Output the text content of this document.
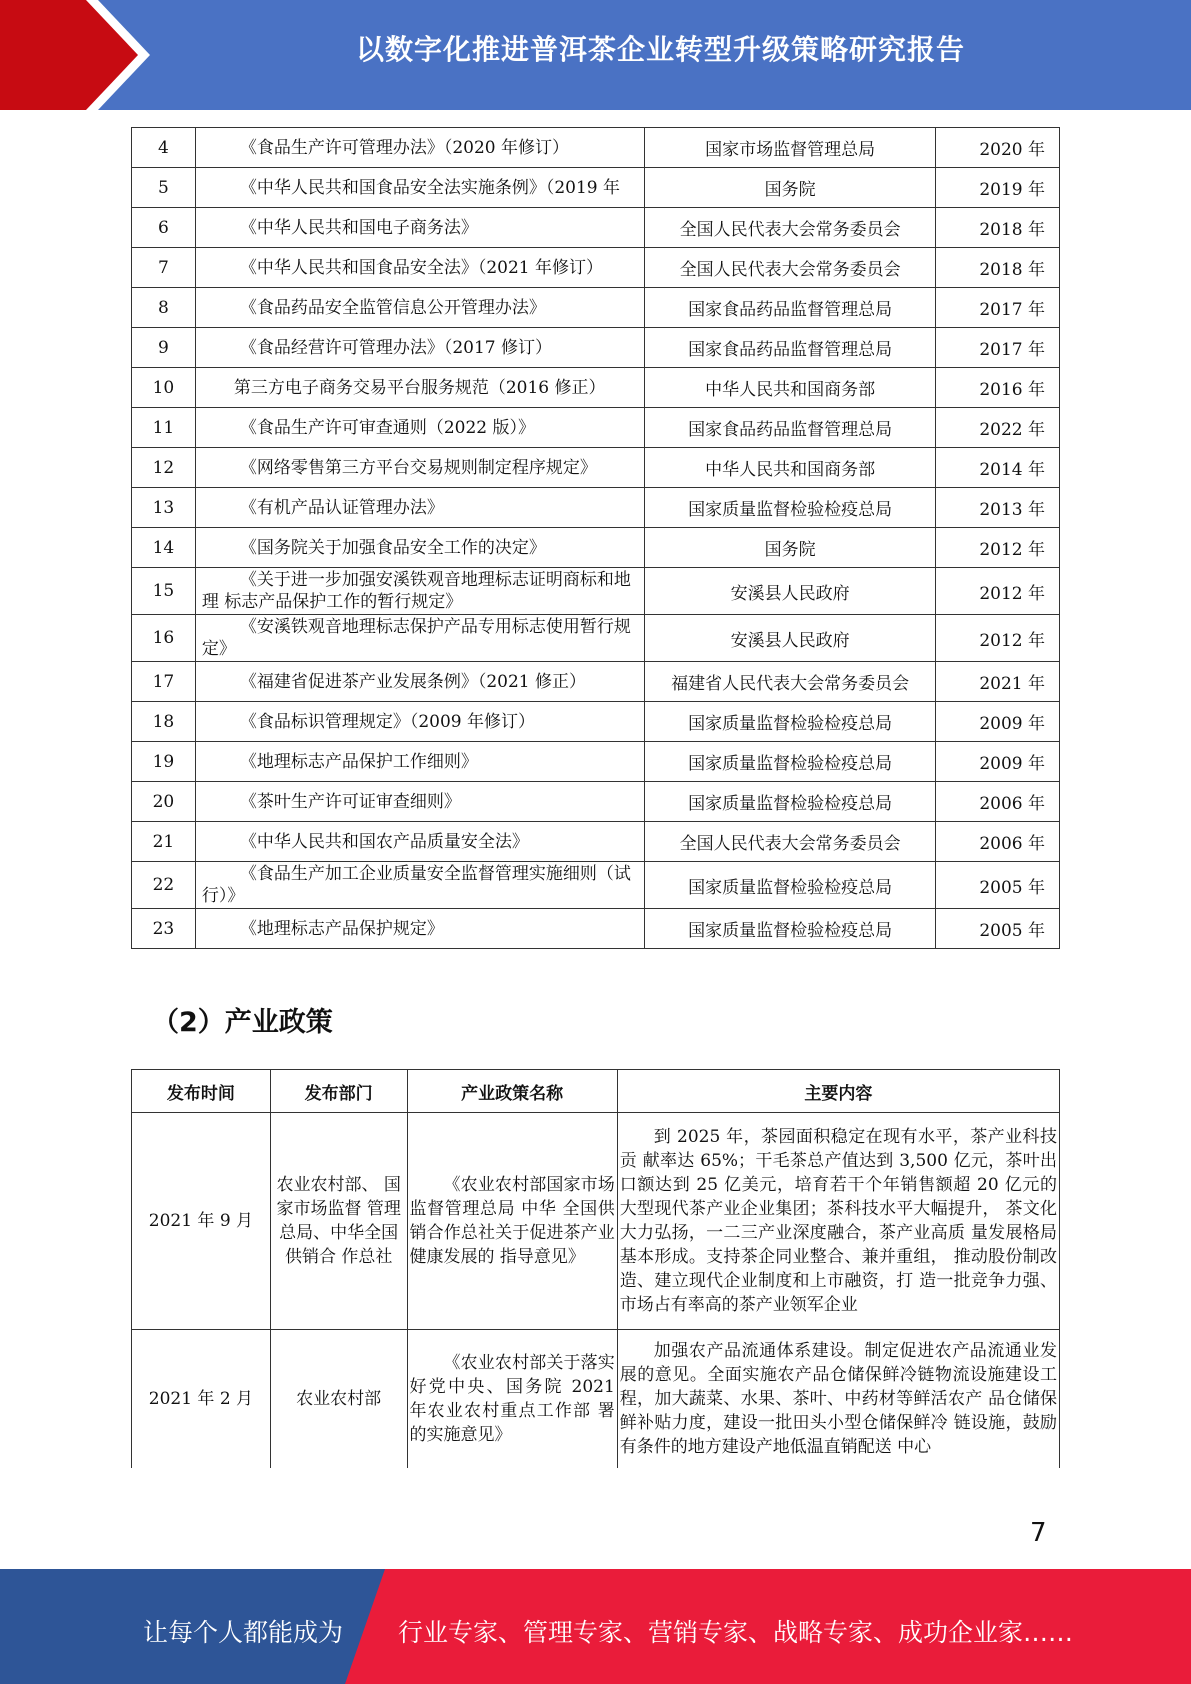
以数字化推进普洱茶企业转型升级策略研究报告
4	《食品生产许可管理办法》（2020 年修订）	国家市场监督管理总局	2020 年
5	《中华人民共和国食品安全法实施条例》（2019 年	国务院	2019 年
6	《中华人民共和国电子商务法》	全国人民代表大会常务委员会	2018 年
7	《中华人民共和国食品安全法》（2021 年修订）	全国人民代表大会常务委员会	2018 年
8	《食品药品安全监管信息公开管理办法》	国家食品药品监督管理总局	2017 年
9	《食品经营许可管理办法》（2017 修订）	国家食品药品监督管理总局	2017 年
10	第三方电子商务交易平台服务规范（2016 修正）	中华人民共和国商务部	2016 年
11	《食品生产许可审查通则（2022 版）》	国家食品药品监督管理总局	2022 年
12	《网络零售第三方平台交易规则制定程序规定》	中华人民共和国商务部	2014 年
13	《有机产品认证管理办法》	国家质量监督检验检疫总局	2013 年
14	《国务院关于加强食品安全工作的决定》	国务院	2012 年
15	《关于进一步加强安溪铁观音地理标志证明商标和地
理 标志产品保护工作的暂行规定》	安溪县人民政府	2012 年
16	《安溪铁观音地理标志保护产品专用标志使用暂行规
定》	安溪县人民政府	2012 年
17	《福建省促进茶产业发展条例》（2021 修正）	福建省人民代表大会常务委员会	2021 年
18	《食品标识管理规定》（2009 年修订）	国家质量监督检验检疫总局	2009 年
19	《地理标志产品保护工作细则》	国家质量监督检验检疫总局	2009 年
20	《茶叶生产许可证审查细则》	国家质量监督检验检疫总局	2006 年
21	《中华人民共和国农产品质量安全法》	全国人民代表大会常务委员会	2006 年
22	《食品生产加工企业质量安全监督管理实施细则（试
行）》	国家质量监督检验检疫总局	2005 年
23	《地理标志产品保护规定》	国家质量监督检验检疫总局	2005 年
（2）产业政策
发布时间	发布部门	产业政策名称	主要内容
2021 年 9 月	农业农村部、 国家市场监督 管理总局、中华全国供销合 作总社	《农业农村部国家市场监督管理总局 中华 全国供销合作总社关于促进茶产业健康发展的 指导意见》	到 2025 年，茶园面积稳定在现有水平，茶产业科技贡 献率达 65%；干毛茶总产值达到 3,500 亿元，茶叶出口额达到 25 亿美元，培育若干个年销售额超 20 亿元的大型现代茶产业企业集团；茶科技水平大幅提升， 茶文化大力弘扬，一二三产业深度融合，茶产业高质 量发展格局基本形成。支持茶企同业整合、兼并重组， 推动股份制改造、建立现代企业制度和上市融资，打 造一批竞争力强、市场占有率高的茶产业领军企业
2021 年 2 月	农业农村部	《农业农村部关于落实 好党中央、国务院 2021 年农业农村重点工作部 署的实施意见》	加强农产品流通体系建设。制定促进农产品流通业发 展的意见。全面实施农产品仓储保鲜冷链物流设施建设工程，加大蔬菜、水果、茶叶、中药材等鲜活农产 品仓储保鲜补贴力度，建设一批田头小型仓储保鲜冷 链设施，鼓励有条件的地方建设产地低温直销配送 中心
7
让每个人都能成为 行业专家、管理专家、营销专家、战略专家、成功企业家……
